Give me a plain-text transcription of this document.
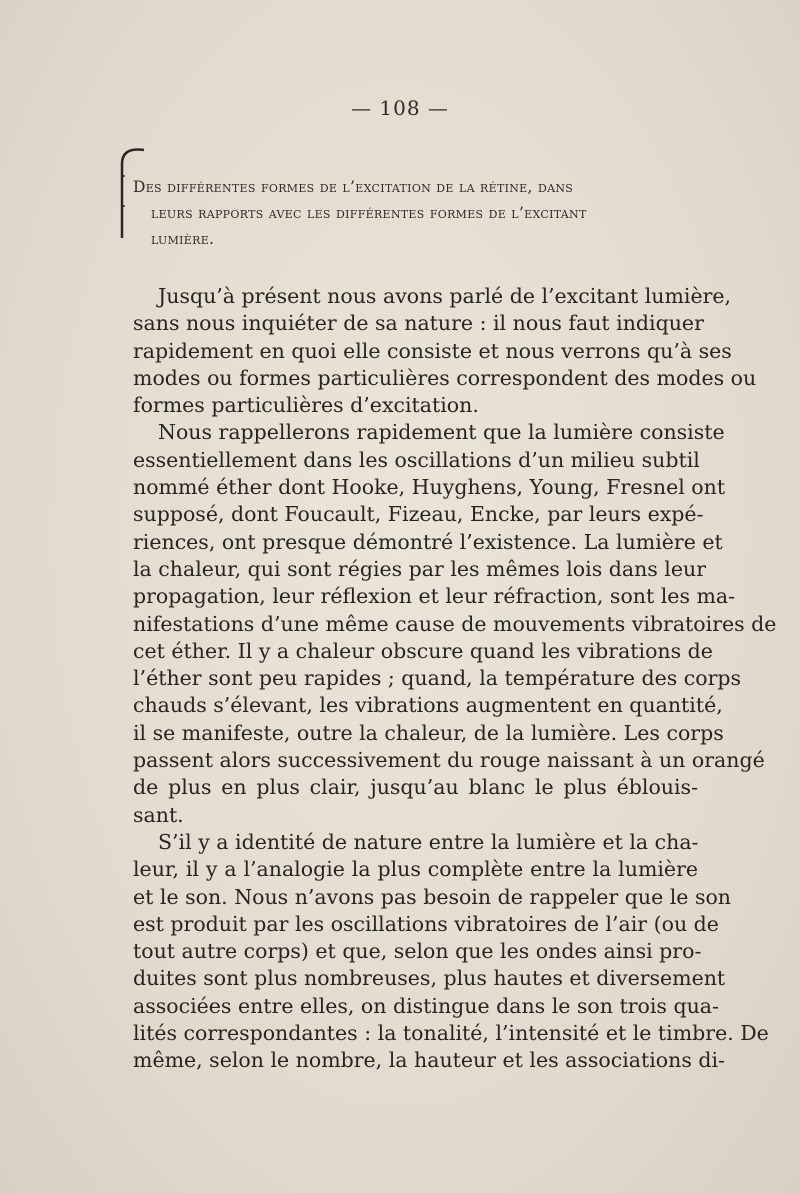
— 108 —
Des différentes formes de l’excitation de la rétine, dans
leurs rapports avec les différentes formes de l’excitant
lumière.
Jusqu’à présent nous avons parlé de l’excitant lumière,
sans nous inquiéter de sa nature : il nous faut indiquer
rapidement en quoi elle consiste et nous verrons qu’à ses
modes ou formes particulières correspondent des modes ou
formes particulières d’excitation.
Nous rappellerons rapidement que la lumière consiste
essentiellement dans les oscillations d’un milieu subtil
nommé éther dont Hooke, Huyghens, Young, Fresnel ont
supposé, dont Foucault, Fizeau, Encke, par leurs expé-
riences, ont presque démontré l’existence. La lumière et
la chaleur, qui sont régies par les mêmes lois dans leur
propagation, leur réflexion et leur réfraction, sont les ma-
nifestations d’une même cause de mouvements vibratoires de
cet éther. Il y a chaleur obscure quand les vibrations de
l’éther sont peu rapides ; quand, la température des corps
chauds s’élevant, les vibrations augmentent en quantité,
il se manifeste, outre la chaleur, de la lumière. Les corps
passent alors successivement du rouge naissant à un orangé
de plus en plus clair, jusqu’au blanc le plus éblouis-
sant.
S’il y a identité de nature entre la lumière et la cha-
leur, il y a l’analogie la plus complète entre la lumière
et le son. Nous n’avons pas besoin de rappeler que le son
est produit par les oscillations vibratoires de l’air (ou de
tout autre corps) et que, selon que les ondes ainsi pro-
duites sont plus nombreuses, plus hautes et diversement
associées entre elles, on distingue dans le son trois qua-
lités correspondantes : la tonalité, l’intensité et le timbre. De
même, selon le nombre, la hauteur et les associations di-
